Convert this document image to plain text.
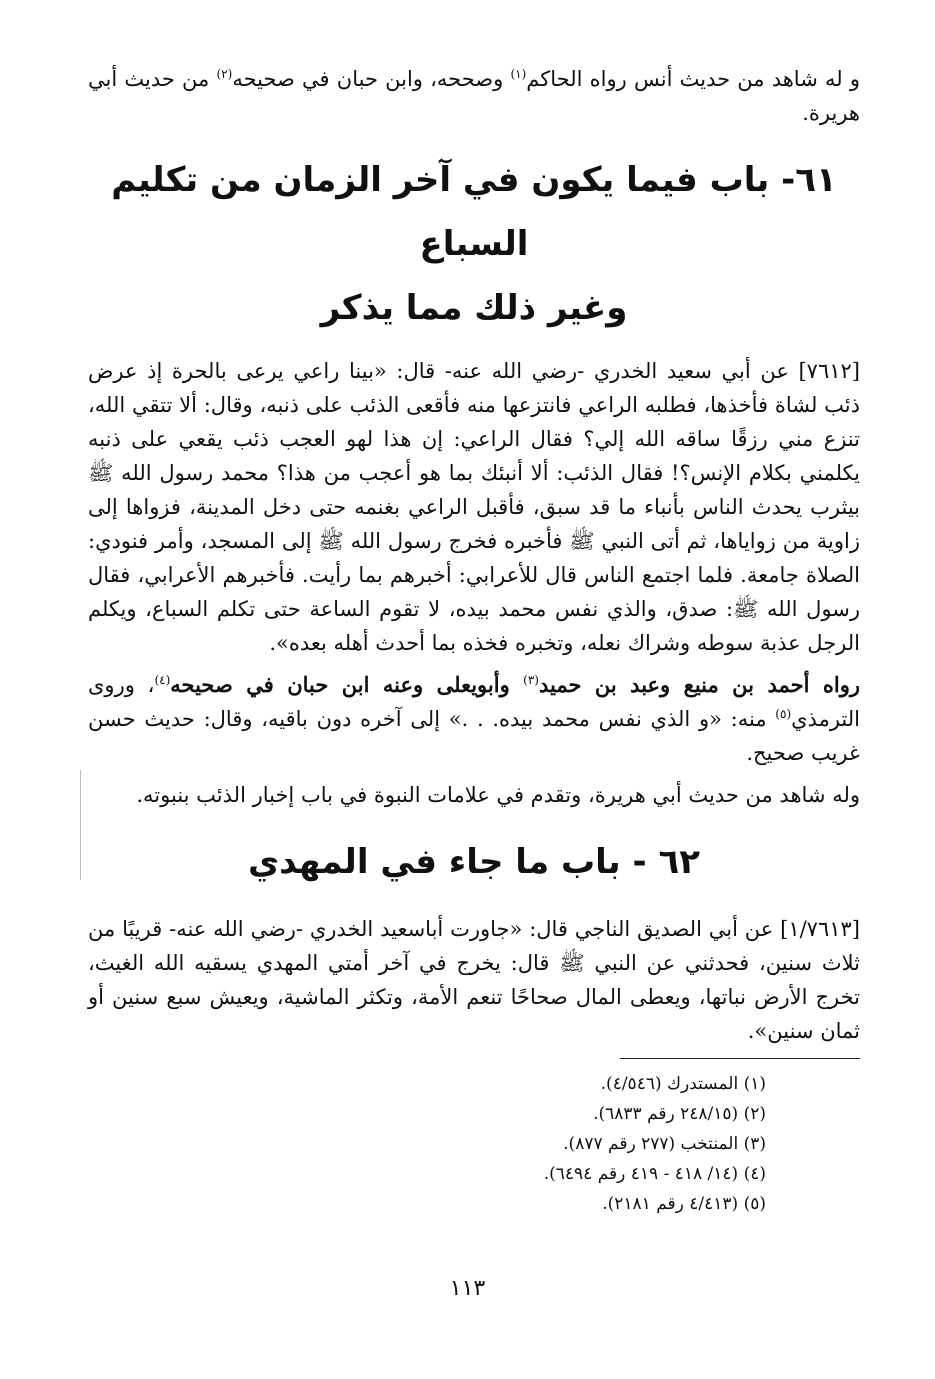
و له شاهد من حديث أنس رواه الحاكم$^{(١)}$ وصححه، وابن حبان في صحيحه$^{(٢)}$ من حديث أبي هريرة.

٦١- باب فيما يكون في آخر الزمان من تكليم السباع
وغير ذلك مما يذكر

[٧٦١٢] عن أبي سعيد الخدري -رضي الله عنه- قال: «بينا راعي يرعى بالحرة إذ عرض ذئب لشاة فأخذها، فطلبه الراعي فانتزعها منه فأقعى الذئب على ذنبه، وقال: ألا تتقي الله، تنزع مني رزقًا ساقه الله إلي؟ فقال الراعي: إن هذا لهو العجب ذئب يقعي على ذنبه يكلمني بكلام الإنس؟! فقال الذئب: ألا أنبئك بما هو أعجب من هذا؟ محمد رسول الله ﷺ بيثرب يحدث الناس بأنباء ما قد سبق، فأقبل الراعي بغنمه حتى دخل المدينة، فزواها إلى زاوية من زواياها، ثم أتى النبي ﷺ فأخبره فخرج رسول الله ﷺ إلى المسجد، وأمر فنودي: الصلاة جامعة. فلما اجتمع الناس قال للأعرابي: أخبرهم بما رأيت. فأخبرهم الأعرابي، فقال رسول الله ﷺ: صدق، والذي نفس محمد بيده، لا تقوم الساعة حتى تكلم السباع، ويكلم الرجل عذبة سوطه وشراك نعله، وتخبره فخذه بما أحدث أهله بعده».

رواه أحمد بن منيع وعبد بن حميد$^{(٣)}$ وأبويعلى وعنه ابن حبان في صحيحه$^{(٤)}$، وروى الترمذي$^{(٥)}$ منه: «و الذي نفس محمد بيده. . .» إلى آخره دون باقيه، وقال: حديث حسن غريب صحيح.

وله شاهد من حديث أبي هريرة، وتقدم في علامات النبوة في باب إخبار الذئب بنبوته.

٦٢ - باب ما جاء في المهدي

[١/٧٦١٣] عن أبي الصديق الناجي قال: «جاورت أباسعيد الخدري -رضي الله عنه- قريبًا من ثلاث سنين، فحدثني عن النبي ﷺ قال: يخرج في آخر أمتي المهدي يسقيه الله الغيث، تخرج الأرض نباتها، ويعطى المال صحاحًا تنعم الأمة، وتكثر الماشية، ويعيش سبع سنين أو ثمان سنين».

(١) المستدرك (٤/٥٤٦).
(٢) (٢٤٨/١٥ رقم ٦٨٣٣).
(٣) المنتخب (٢٧٧ رقم ٨٧٧).
(٤) (١٤/ ٤١٨ - ٤١٩ رقم ٦٤٩٤).
(٥) (٤/٤١٣ رقم ٢١٨١).
١١٣
